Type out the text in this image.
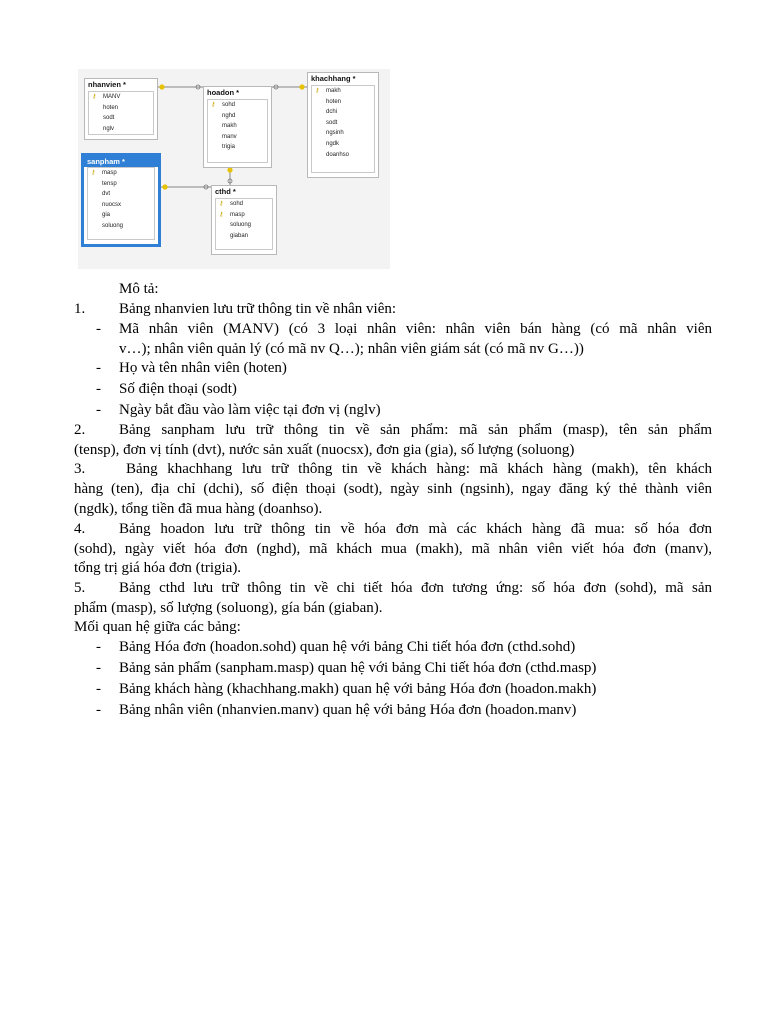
nhanvien *
⚷ MANV
hoten
sodt
nglv
hoadon *
⚷ sohd
nghd
makh
manv
trigia
khachhang *
⚷ makh
hoten
dchi
sodt
ngsinh
ngdk
doanhso
sanpham *
⚷ masp
tensp
dvt
nuocsx
gia
soluong
cthd *
⚷ sohd
⚷ masp
soluong
giaban
Mô tả:
1. Bảng nhanvien lưu trữ thông tin về nhân viên:
- Mã nhân viên (MANV) (có 3 loại nhân viên: nhân viên bán hàng (có mã nhân viên
v…); nhân viên quản lý (có mã nv Q…); nhân viên giám sát (có mã nv G…))
- Họ và tên nhân viên (hoten)
- Số điện thoại (sodt)
- Ngày bắt đầu vào làm việc tại đơn vị (nglv)
2. Bảng sanpham lưu trữ thông tin về sản phẩm: mã sản phẩm (masp), tên sản phẩm
(tensp), đơn vị tính (dvt), nước sản xuất (nuocsx), đơn gia (gia), số lượng (soluong)
3.	Bảng khachhang lưu trữ thông tin về khách hàng: mã khách hàng (makh), tên khách
hàng (ten), địa chỉ (dchi), số điện thoại (sodt), ngày sinh (ngsinh), ngay đăng ký thẻ thành viên
(ngdk), tổng tiền đã mua hàng (doanhso).
4. Bảng hoadon lưu trữ thông tin về hóa đơn mà các khách hàng đã mua: số hóa đơn
(sohd), ngày viết hóa đơn (nghd), mã khách mua (makh), mã nhân viên viết hóa đơn (manv),
tổng trị giá hóa đơn (trigia).
5. Bảng cthd lưu trữ thông tin về chi tiết hóa đơn tương ứng: số hóa đơn (sohd), mã sản
phẩm (masp), số lượng (soluong), gía bán (giaban).
Mối quan hệ giữa các bảng:
- Bảng Hóa đơn (hoadon.sohd) quan hệ với bảng Chi tiết hóa đơn (cthd.sohd)
- Bảng sản phẩm (sanpham.masp) quan hệ với bảng Chi tiết hóa đơn (cthd.masp)
- Bảng khách hàng (khachhang.makh) quan hệ với bảng Hóa đơn (hoadon.makh)
- Bảng nhân viên (nhanvien.manv) quan hệ với bảng Hóa đơn (hoadon.manv)
